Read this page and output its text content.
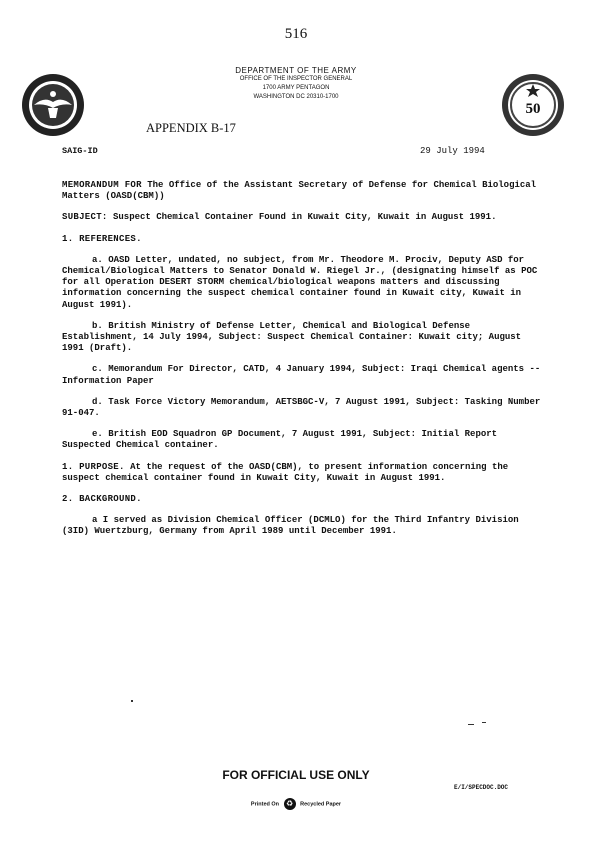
516
50
DEPARTMENT OF THE ARMY
OFFICE OF THE INSPECTOR GENERAL
1700 ARMY PENTAGON
WASHINGTON DC 20310-1700
APPENDIX B-17
SAIG-ID	29 July 1994

MEMORANDUM FOR The Office of the Assistant Secretary of Defense for Chemical Biological Matters (OASD(CBM))

SUBJECT: Suspect Chemical Container Found in Kuwait City, Kuwait in August 1991.

1. REFERENCES.

a. OASD Letter, undated, no subject, from Mr. Theodore M. Prociv, Deputy ASD for Chemical/Biological Matters to Senator Donald W. Riegel Jr., (designating himself as POC for all Operation DESERT STORM chemical/biological weapons matters and discussing information concerning the suspect chemical container found in Kuwait city, Kuwait in August 1991).

b. British Ministry of Defense Letter, Chemical and Biological Defense Establishment, 14 July 1994, Subject: Suspect Chemical Container: Kuwait city; August 1991 (Draft).

c. Memorandum For Director, CATD, 4 January 1994, Subject: Iraqi Chemical agents -- Information Paper

d. Task Force Victory Memorandum, AETSBGC-V, 7 August 1991, Subject: Tasking Number 91-047.

e. British EOD Squadron GP Document, 7 August 1991, Subject: Initial Report Suspected Chemical container.

1. PURPOSE. At the request of the OASD(CBM), to present information concerning the suspect chemical container found in Kuwait City, Kuwait in August 1991.

2. BACKGROUND.

a I served as Division Chemical Officer (DCMLO) for the Third Infantry Division (3ID) Wuertzburg, Germany from April 1989 until December 1991.

FOR OFFICIAL USE ONLY
E/I/SPECDOC.DOC
Printed On ♻ Recycled Paper
